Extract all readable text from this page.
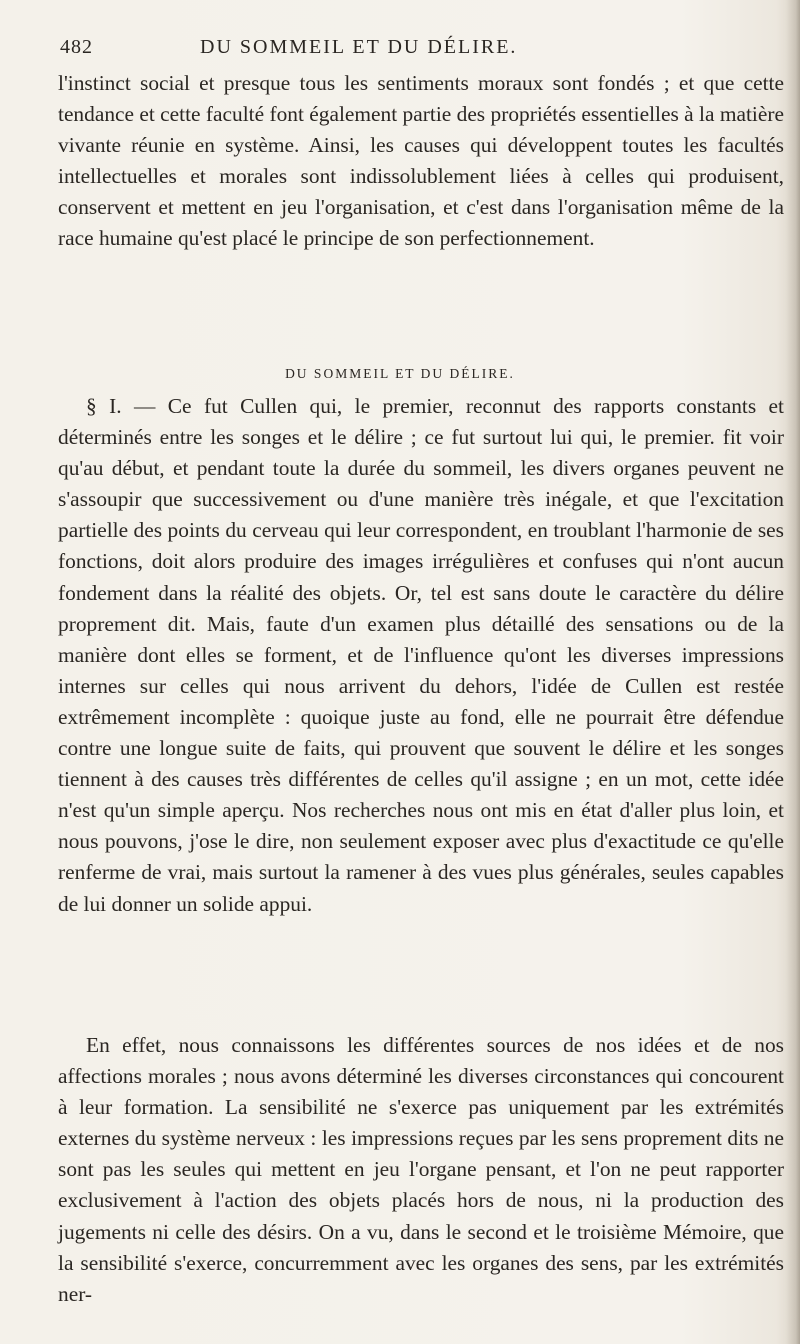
482	DU SOMMEIL ET DU DÉLIRE.

l'instinct social et presque tous les sentiments moraux sont fondés ; et que cette tendance et cette faculté font également partie des propriétés essentielles à la matière vivante réunie en système. Ainsi, les causes qui développent toutes les facultés intellectuelles et morales sont indissolublement liées à celles qui produisent, conservent et mettent en jeu l'organisation, et c'est dans l'organisation même de la race humaine qu'est placé le principe de son perfectionnement.

DU SOMMEIL ET DU DÉLIRE.

§ I. — Ce fut Cullen qui, le premier, reconnut des rapports constants et déterminés entre les songes et le délire ; ce fut surtout lui qui, le premier. fit voir qu'au début, et pendant toute la durée du sommeil, les divers organes peuvent ne s'assoupir que successivement ou d'une manière très inégale, et que l'excitation partielle des points du cerveau qui leur correspondent, en troublant l'harmonie de ses fonctions, doit alors produire des images irrégulières et confuses qui n'ont aucun fondement dans la réalité des objets. Or, tel est sans doute le caractère du délire proprement dit. Mais, faute d'un examen plus détaillé des sensations ou de la manière dont elles se forment, et de l'influence qu'ont les diverses impressions internes sur celles qui nous arrivent du dehors, l'idée de Cullen est restée extrêmement incomplète : quoique juste au fond, elle ne pourrait être défendue contre une longue suite de faits, qui prouvent que souvent le délire et les songes tiennent à des causes très différentes de celles qu'il assigne ; en un mot, cette idée n'est qu'un simple aperçu. Nos recherches nous ont mis en état d'aller plus loin, et nous pouvons, j'ose le dire, non seulement exposer avec plus d'exactitude ce qu'elle renferme de vrai, mais surtout la ramener à des vues plus générales, seules capables de lui donner un solide appui.

En effet, nous connaissons les différentes sources de nos idées et de nos affections morales ; nous avons déterminé les diverses circonstances qui concourent à leur formation. La sensibilité ne s'exerce pas uniquement par les extrémités externes du système nerveux : les impressions reçues par les sens proprement dits ne sont pas les seules qui mettent en jeu l'organe pensant, et l'on ne peut rapporter exclusivement à l'action des objets placés hors de nous, ni la production des jugements ni celle des désirs. On a vu, dans le second et le troisième Mémoire, que la sensibilité s'exerce, concurremment avec les organes des sens, par les extrémités ner-
